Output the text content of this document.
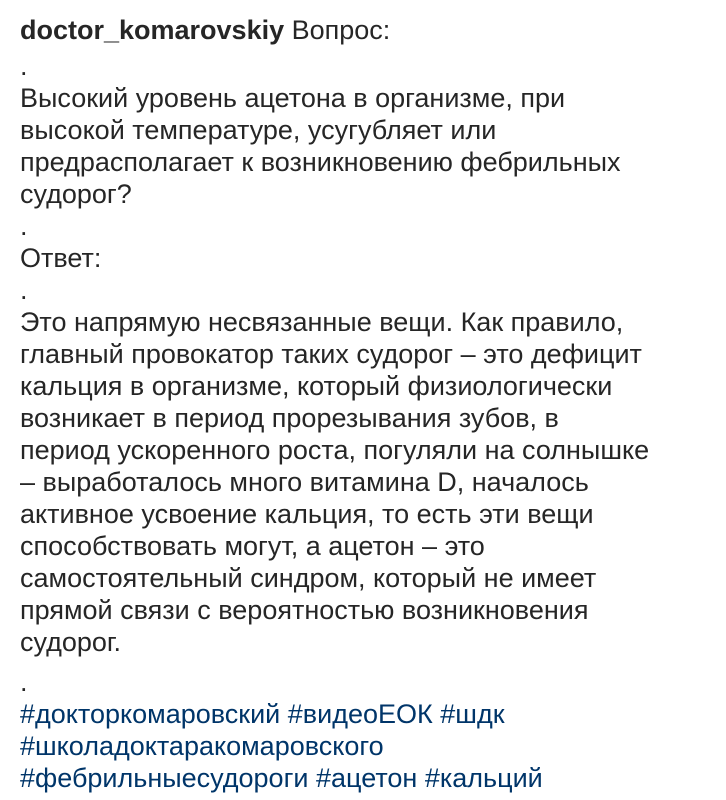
doctor_komarovskiy Вопрос:
.
Высокий уровень ацетона в организме, при
высокой температуре, усугубляет или
предрасполагает к возникновению фебрильных
судорог?
.
Ответ:
.
Это напрямую несвязанные вещи. Как правило,
главный провокатор таких судорог – это дефицит
кальция в организме, который физиологически
возникает в период прорезывания зубов, в
период ускоренного роста, погуляли на солнышке
– выработалось много витамина D, началось
активное усвоение кальция, то есть эти вещи
способствовать могут, а ацетон – это
самостоятельный синдром, который не имеет
прямой связи с вероятностью возникновения
судорог.
.
#докторкомаровский #видеоЕОК #шдк
#школадоктаракомаровского
#фебрильныесудороги #ацетон #кальций
